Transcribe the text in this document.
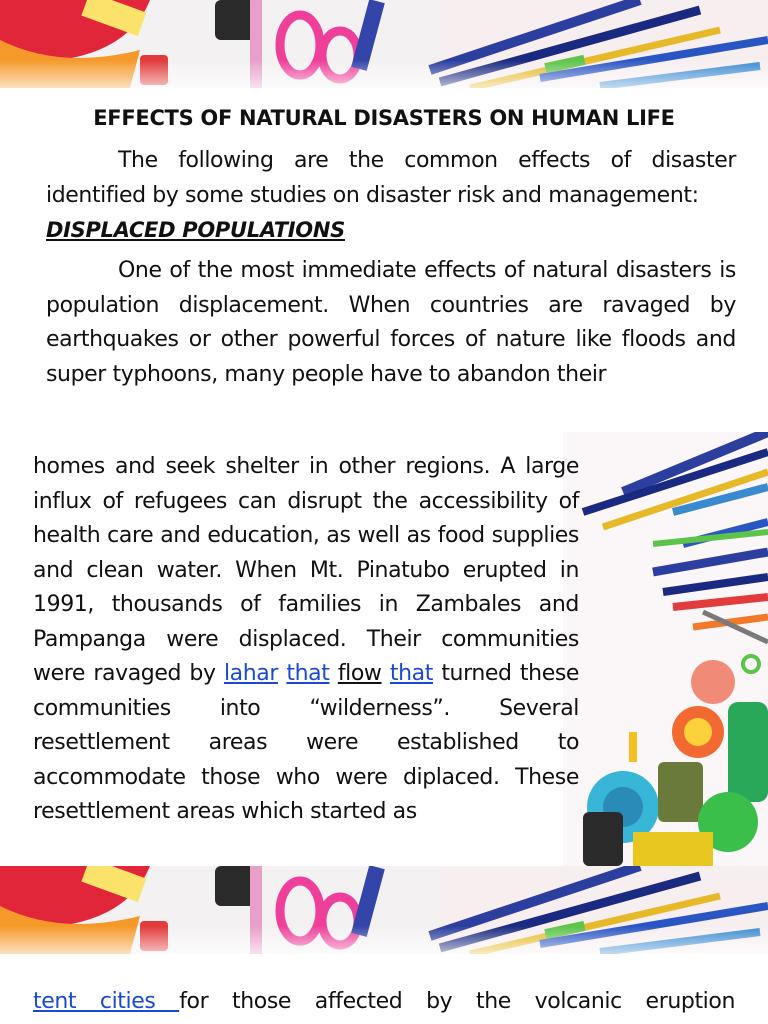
EFFECTS OF NATURAL DISASTERS ON HUMAN LIFE
The following are the common effects of disaster identified by some studies on disaster risk and management:
DISPLACED POPULATIONS
One of the most immediate effects of natural disasters is population displacement. When countries are ravaged by earthquakes or other powerful forces of nature like floods and super typhoons, many people have to abandon their
homes and seek shelter in other regions. A large influx of refugees can disrupt the accessibility of health care and education, as well as food supplies and clean water. When Mt. Pinatubo erupted in 1991, thousands of families in Zambales and Pampanga were displaced. Their communities were ravaged by lahar that flow that turned these communities into “wilderness”. Several resettlement areas were established to accommodate those who were diplaced. These resettlement areas which started as
tent cities for those affected by the volcanic eruption
